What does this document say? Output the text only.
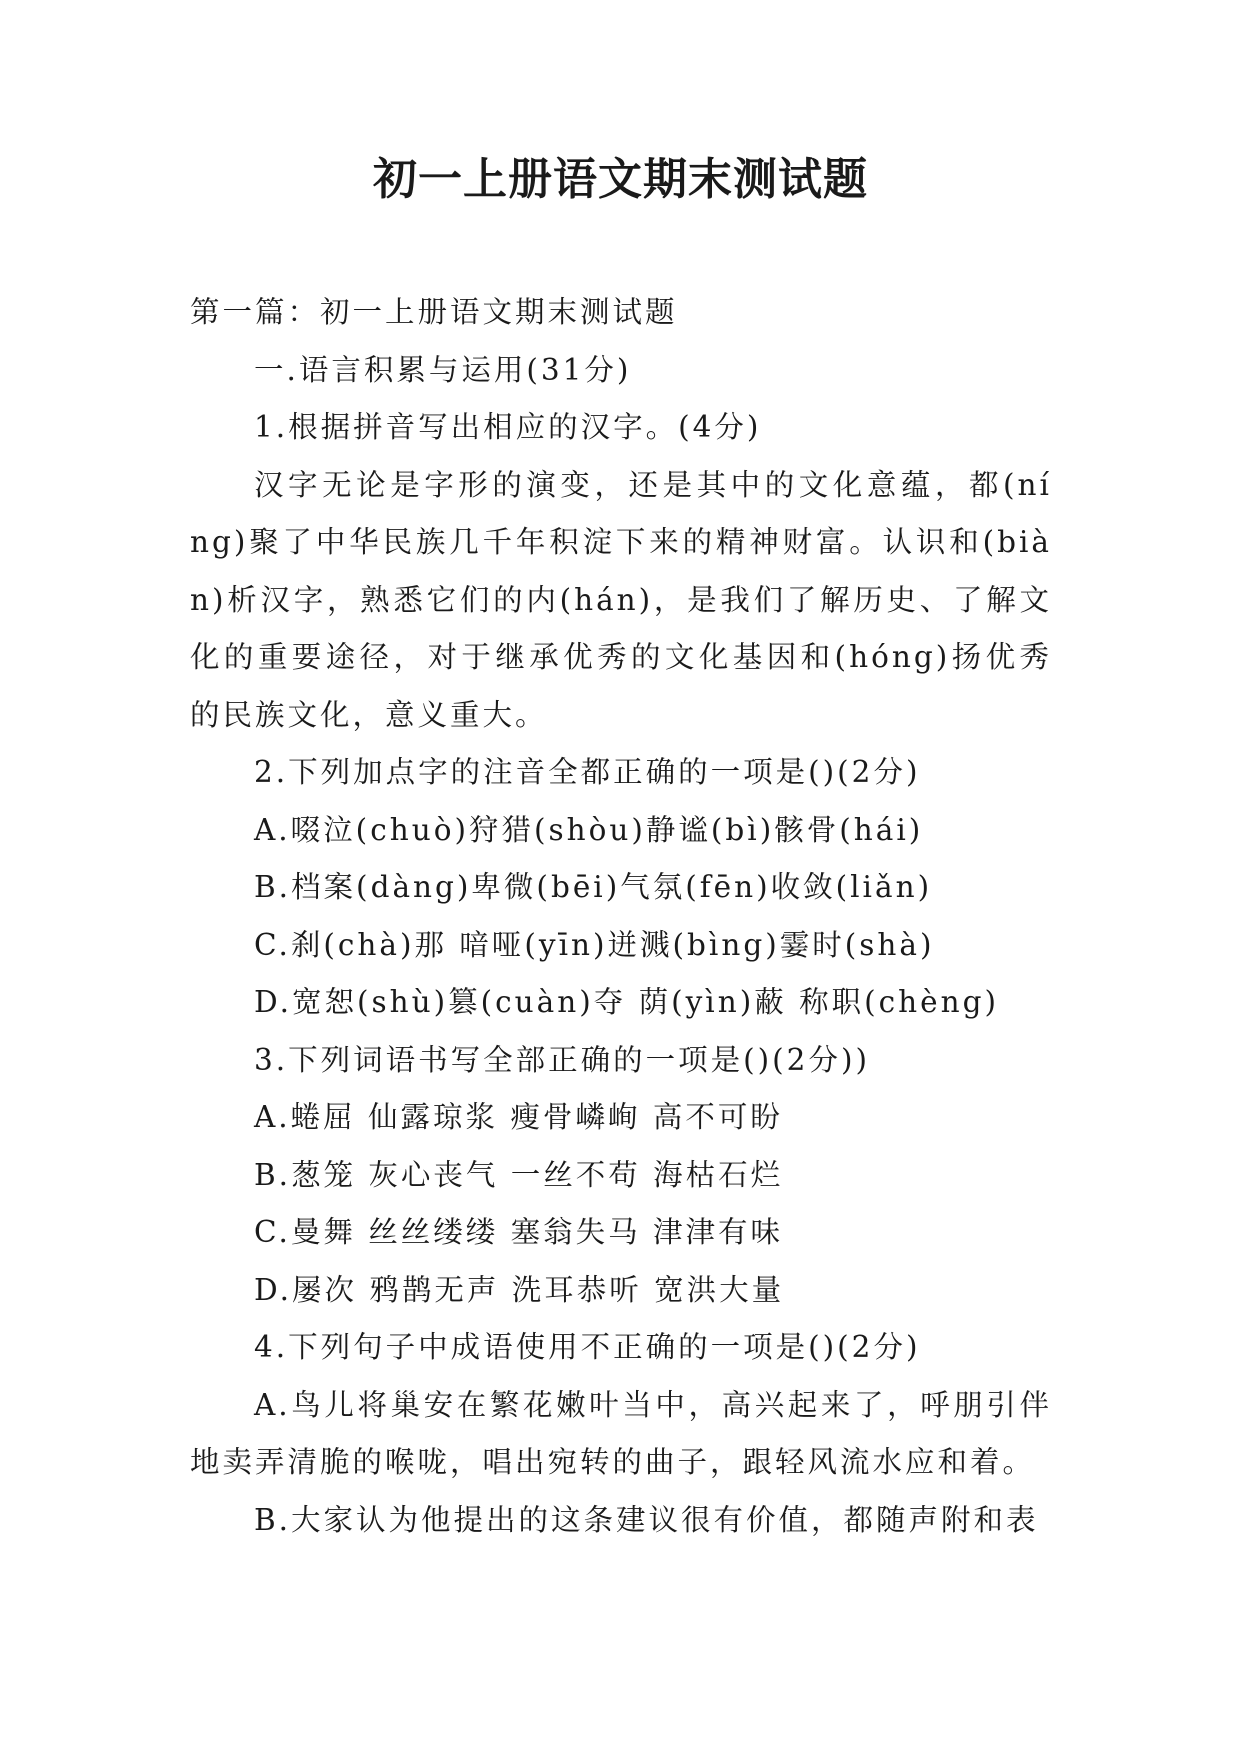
初一上册语文期末测试题

第一篇：初一上册语文期末测试题

一.语言积累与运用(31分)

1.根据拼音写出相应的汉字。(4分)

汉字无论是字形的演变，还是其中的文化意蕴，都(ní ng)聚了中华民族几千年积淀下来的精神财富。认识和(bià n)析汉字，熟悉它们的内(hán)，是我们了解历史、了解文化的重要途径，对于继承优秀的文化基因和(hóng)扬优秀的民族文化，意义重大。

2.下列加点字的注音全都正确的一项是()(2分)

A.啜泣(chuò)狩猎(shòu)静谧(bì)骸骨(hái)

B.档案(dàng)卑微(bēi)气氛(fēn)收敛(liǎn)

C.刹(chà)那 喑哑(yīn)迸溅(bìng)霎时(shà)

D.宽恕(shù)篡(cuàn)夺 荫(yìn)蔽 称职(chèng)

3.下列词语书写全部正确的一项是()(2分))

A.蜷屈 仙露琼浆 瘦骨嶙峋 高不可盼

B.葱笼 灰心丧气 一丝不苟 海枯石烂

C.曼舞 丝丝缕缕 塞翁失马 津津有味

D.屡次 鸦鹊无声 洗耳恭听 宽洪大量

4.下列句子中成语使用不正确的一项是()(2分)

A.鸟儿将巢安在繁花嫩叶当中，高兴起来了，呼朋引伴地卖弄清脆的喉咙，唱出宛转的曲子，跟轻风流水应和着。

B.大家认为他提出的这条建议很有价值，都随声附和表
